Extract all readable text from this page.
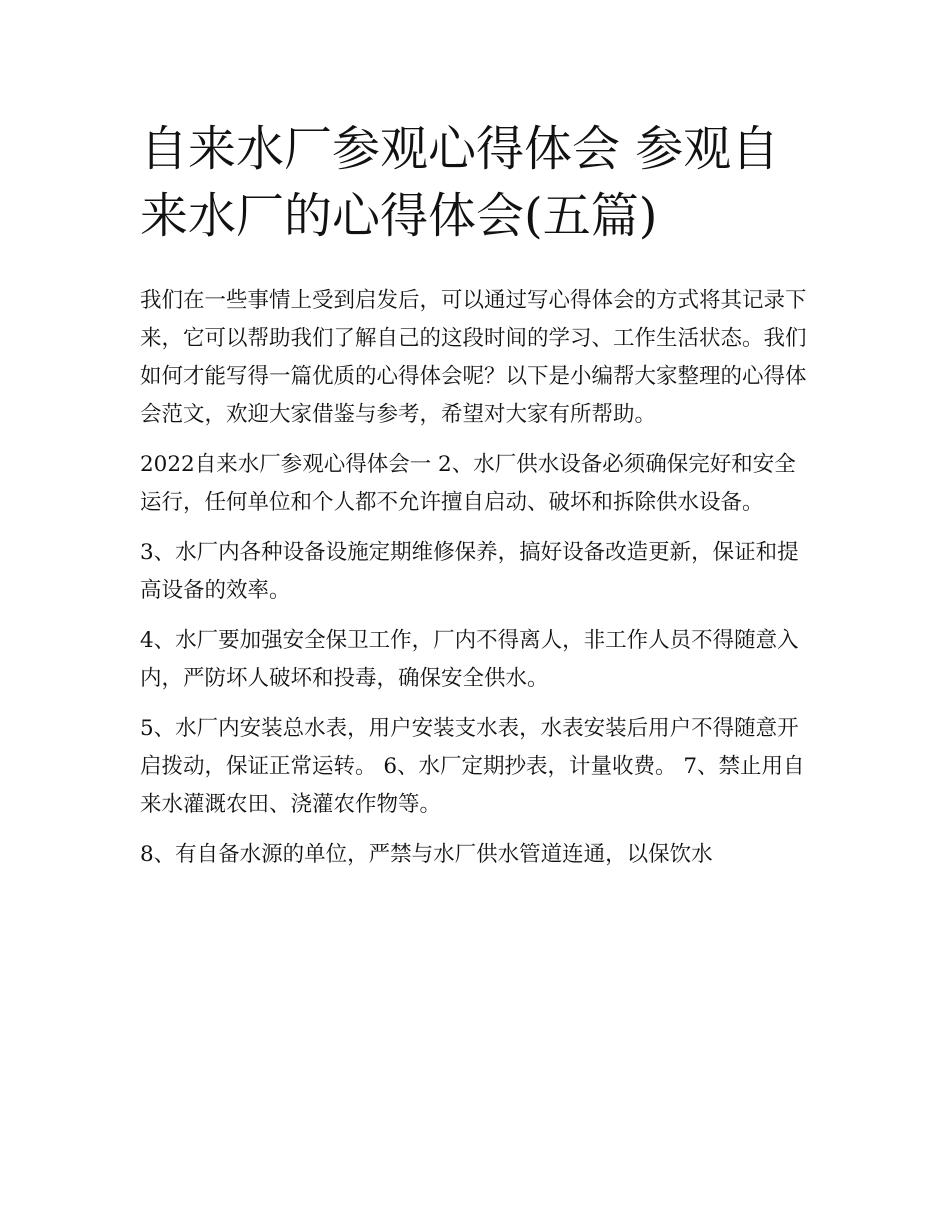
自来水厂参观心得体会 参观自来水厂的心得体会(五篇)

我们在一些事情上受到启发后，可以通过写心得体会的方式将其记录下来，它可以帮助我们了解自己的这段时间的学习、工作生活状态。我们如何才能写得一篇优质的心得体会呢？以下是小编帮大家整理的心得体会范文，欢迎大家借鉴与参考，希望对大家有所帮助。

2022自来水厂参观心得体会一 2、水厂供水设备必须确保完好和安全运行，任何单位和个人都不允许擅自启动、破坏和拆除供水设备。

3、水厂内各种设备设施定期维修保养，搞好设备改造更新，保证和提高设备的效率。

4、水厂要加强安全保卫工作，厂内不得离人，非工作人员不得随意入内，严防坏人破坏和投毒，确保安全供水。

5、水厂内安装总水表，用户安装支水表，水表安装后用户不得随意开启拨动，保证正常运转。 6、水厂定期抄表，计量收费。 7、禁止用自来水灌溉农田、浇灌农作物等。

8、有自备水源的单位，严禁与水厂供水管道连通，以保饮水
